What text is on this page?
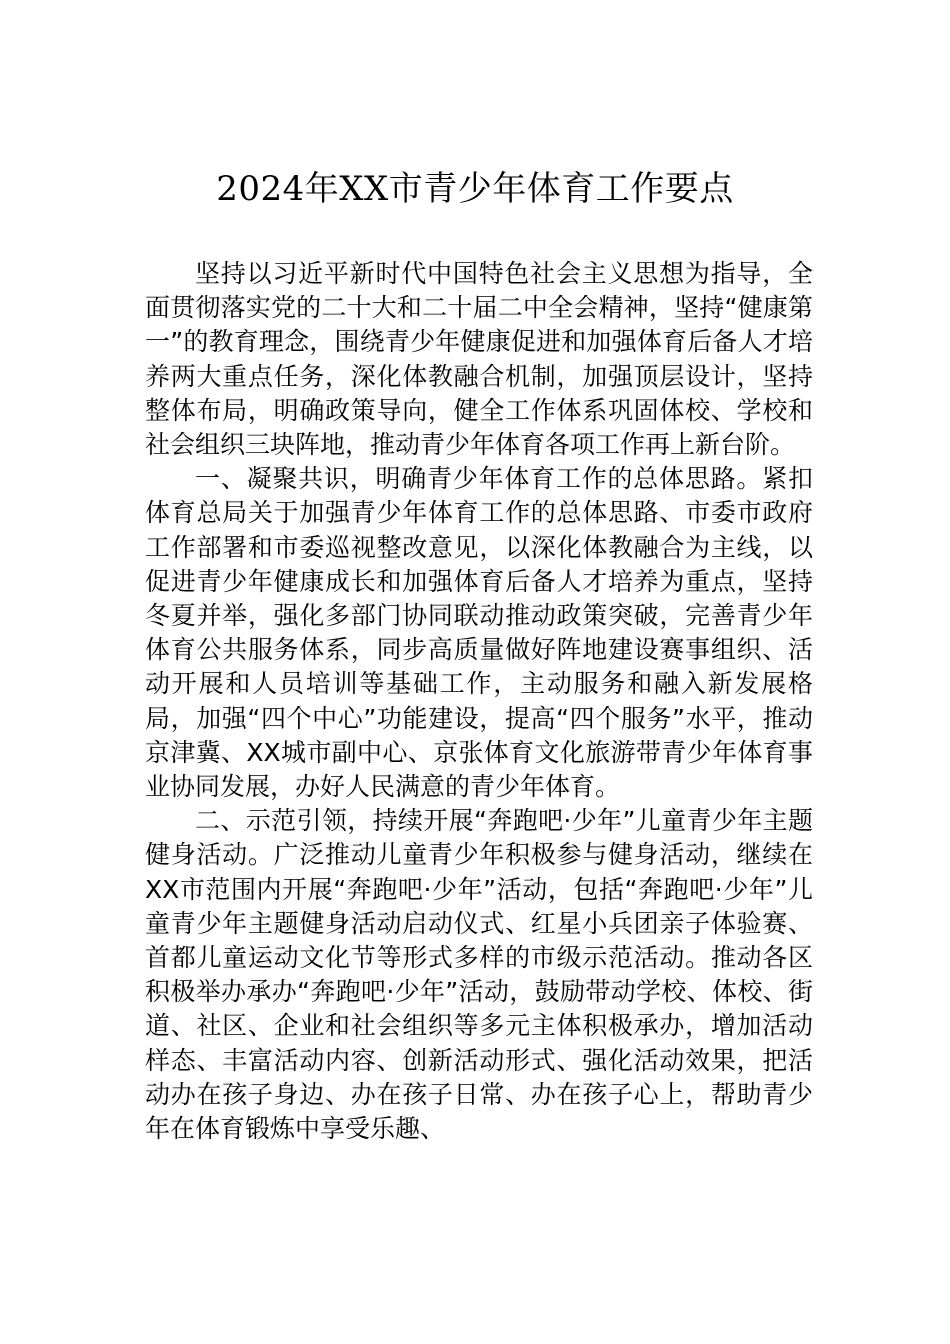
2024年XX市青少年体育工作要点

坚持以习近平新时代中国特色社会主义思想为指导，全面贯彻落实党的二十大和二十届二中全会精神，坚持“健康第一”的教育理念，围绕青少年健康促进和加强体育后备人才培养两大重点任务，深化体教融合机制，加强顶层设计，坚持整体布局，明确政策导向，健全工作体系巩固体校、学校和社会组织三块阵地，推动青少年体育各项工作再上新台阶。

一、凝聚共识，明确青少年体育工作的总体思路。紧扣体育总局关于加强青少年体育工作的总体思路、市委市政府工作部署和市委巡视整改意见，以深化体教融合为主线，以促进青少年健康成长和加强体育后备人才培养为重点，坚持冬夏并举，强化多部门协同联动推动政策突破，完善青少年体育公共服务体系，同步高质量做好阵地建设赛事组织、活动开展和人员培训等基础工作，主动服务和融入新发展格局，加强“四个中心”功能建设，提高“四个服务”水平，推动京津冀、XX城市副中心、京张体育文化旅游带青少年体育事业协同发展，办好人民满意的青少年体育。

二、示范引领，持续开展“奔跑吧·少年”儿童青少年主题健身活动。广泛推动儿童青少年积极参与健身活动，继续在XX市范围内开展“奔跑吧·少年”活动，包括“奔跑吧·少年”儿童青少年主题健身活动启动仪式、红星小兵团亲子体验赛、首都儿童运动文化节等形式多样的市级示范活动。推动各区积极举办承办“奔跑吧·少年”活动，鼓励带动学校、体校、街道、社区、企业和社会组织等多元主体积极承办，增加活动样态、丰富活动内容、创新活动形式、强化活动效果，把活动办在孩子身边、办在孩子日常、办在孩子心上，帮助青少年在体育锻炼中享受乐趣、
